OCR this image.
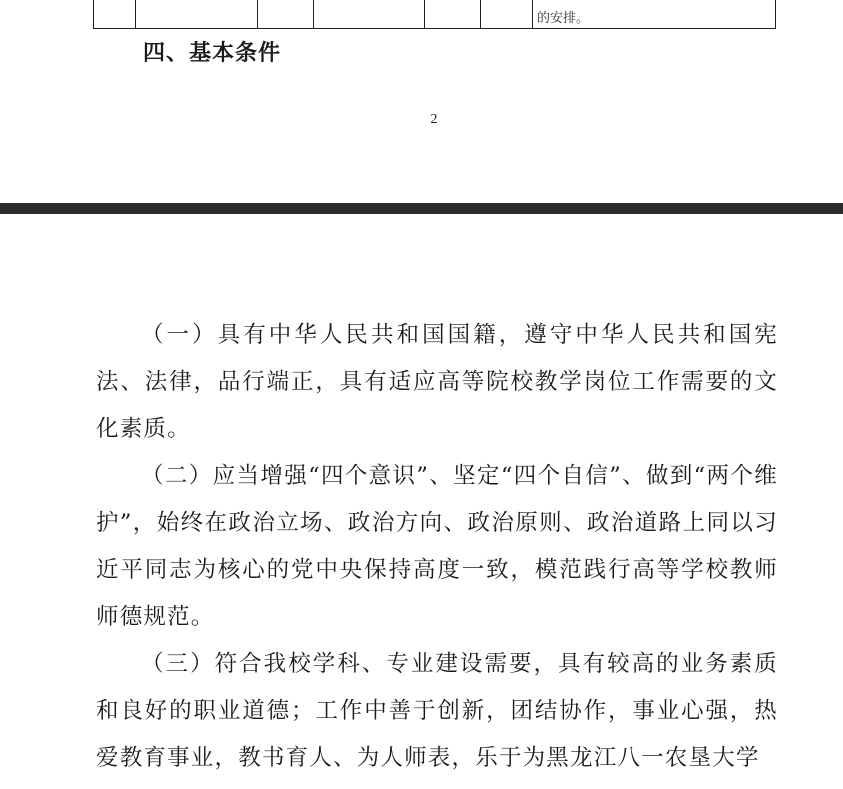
						的安排。
四、基本条件
2

（一）具有中华人民共和国国籍，遵守中华人民共和国宪法、法律，品行端正，具有适应高等院校教学岗位工作需要的文化素质。

（二）应当增强“四个意识”、坚定“四个自信”、做到“两个维护”，始终在政治立场、政治方向、政治原则、政治道路上同以习近平同志为核心的党中央保持高度一致，模范践行高等学校教师师德规范。

（三）符合我校学科、专业建设需要，具有较高的业务素质和良好的职业道德；工作中善于创新，团结协作，事业心强，热爱教育事业，教书育人、为人师表，乐于为黑龙江八一农垦大学
